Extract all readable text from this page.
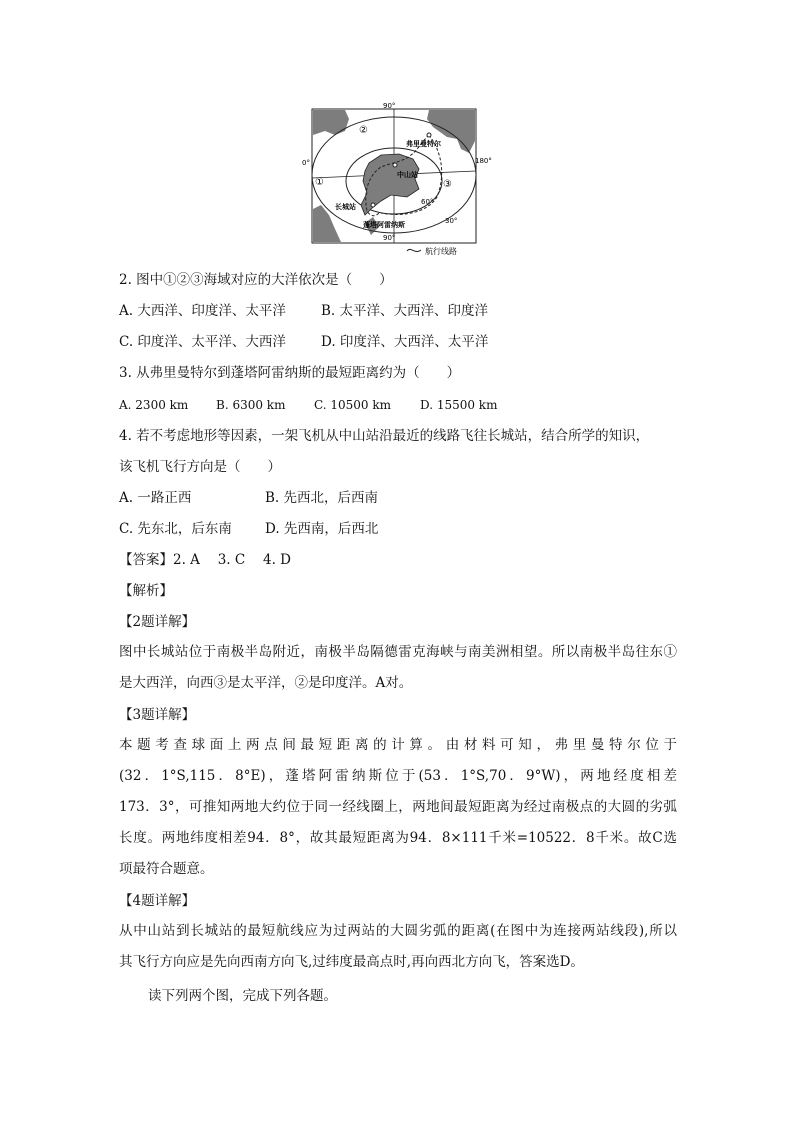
90°
0°	180°
60°
30°
90°
①
②
③
弗里曼特尔
中山站
长城站
蓬塔阿雷纳斯
航行线路
2. 图中①②③海域对应的大洋依次是（　　）
A. 大西洋、印度洋、太平洋	B. 太平洋、大西洋、印度洋
C. 印度洋、太平洋、大西洋	D. 印度洋、大西洋、太平洋
3. 从弗里曼特尔到蓬塔阿雷纳斯的最短距离约为（　　）
A. 2300 km B. 6300 km C. 10500 km D. 15500 km
4. 若不考虑地形等因素，一架飞机从中山站沿最近的线路飞往长城站，结合所学的知识，
该飞机飞行方向是（　　）
A. 一路正西	B. 先西北，后西南
C. 先东北，后东南 D. 先西南，后西北
【答案】2. A　 3. C　 4. D
【解析】
【2题详解】
图中长城站位于南极半岛附近，南极半岛隔德雷克海峡与南美洲相望。所以南极半岛往东①
是大西洋，向西③是太平洋，②是印度洋。A对。
【3题详解】
本题考查球面上两点间最短距离的计算。由材料可知，弗里曼特尔位于
(32．1°S,115．8°E)，蓬塔阿雷纳斯位于(53．1°S,70．9°W)，两地经度相差
173．3°，可推知两地大约位于同一经线圈上，两地间最短距离为经过南极点的大圆的劣弧
长度。两地纬度相差94．8°，故其最短距离为94．8×111千米=10522．8千米。故C选
项最符合题意。
【4题详解】
从中山站到长城站的最短航线应为过两站的大圆劣弧的距离(在图中为连接两站线段),所以
其飞行方向应是先向西南方向飞,过纬度最高点时,再向西北方向飞，答案选D。
读下列两个图，完成下列各题。
